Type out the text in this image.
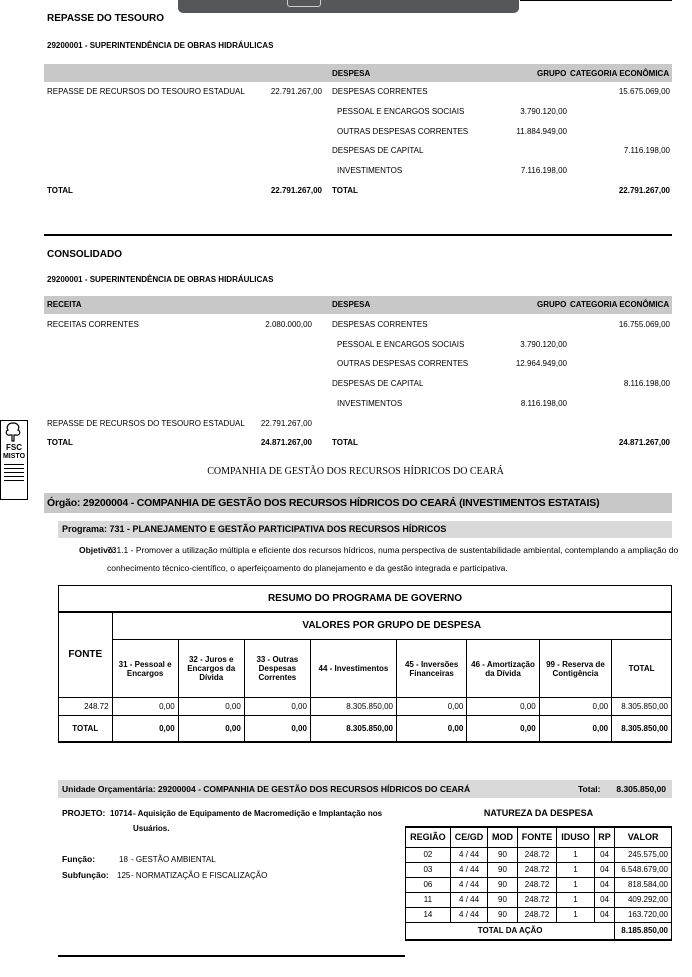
REPASSE DO TESOURO
29200001 - SUPERINTENDÊNCIA DE OBRAS HIDRÁULICAS
DESPESA	GRUPO CATEGORIA ECONÔMICA
REPASSE DE RECURSOS DO TESOURO ESTADUAL	22.791.267,00 DESPESAS CORRENTES	15.675.069,00
PESSOAL E ENCARGOS SOCIAIS	3.790.120,00
OUTRAS DESPESAS CORRENTES	11.884.949,00
DESPESAS DE CAPITAL	7.116.198,00
INVESTIMENTOS	7.116.198,00
TOTAL	22.791.267,00 TOTAL	22.791.267,00
CONSOLIDADO
29200001 - SUPERINTENDÊNCIA DE OBRAS HIDRÁULICAS
RECEITA	DESPESA	GRUPO CATEGORIA ECONÔMICA
RECEITAS CORRENTES	2.080.000,00	DESPESAS CORRENTES	16.755.069,00
PESSOAL E ENCARGOS SOCIAIS	3.790.120,00
OUTRAS DESPESAS CORRENTES	12.964.949,00
DESPESAS DE CAPITAL	8.116.198,00
INVESTIMENTOS	8.116.198,00
REPASSE DE RECURSOS DO TESOURO ESTADUAL	22.791.267,00
TOTAL	24.871.267,00	TOTAL	24.871.267,00
FSC
MISTO
COMPANHIA DE GESTÃO DOS RECURSOS HÍDRICOS DO CEARÁ
Órgão: 29200004 - COMPANHIA DE GESTÃO DOS RECURSOS HÍDRICOS DO CEARÁ (INVESTIMENTOS ESTATAIS)
Programa: 731 - PLANEJAMENTO E GESTÃO PARTICIPATIVA DOS RECURSOS HÍDRICOS
Objetivo:
731.1 - Promover a utilização múltipla e eficiente dos recursos hídricos, numa perspectiva de sustentabilidade ambiental, contemplando a ampliação do
conhecimento técnico-científico, o aperfeiçoamento do planejamento e da gestão integrada e participativa.
RESUMO DO PROGRAMA DE GOVERNO								
FONTE	VALORES POR GRUPO DE DESPESA							
	31 - Pessoal e Encargos	32 - Juros e Encargos da Dívida	33 - Outras Despesas Correntes	44 - Investimentos	45 - Inversões Financeiras	46 - Amortização da Dívida	99 - Reserva de Contigência	TOTAL
248.72	0,00	0,00	0,00	8.305.850,00	0,00	0,00	0,00	8.305.850,00
TOTAL	0,00	0,00	0,00	8.305.850,00	0,00	0,00	0,00	8.305.850,00
Unidade Orçamentária: 29200004 - COMPANHIA DE GESTÃO DOS RECURSOS HÍDRICOS DO CEARÁ	Total:	8.305.850,00
PROJETO: 10714 - Aquisição de Equipamento de Macromedição e Implantação nos
Usuários.
Função:	18 - GESTÃO AMBIENTAL
Subfunção: 125 - NORMATIZAÇÃO E FISCALIZAÇÃO
NATUREZA DA DESPESA
REGIÃO	CE/GD	MOD	FONTE	IDUSO	RP	VALOR
02	4 / 44	90	248.72	1	04	245.575,00
03	4 / 44	90	248.72	1	04	6.548.679,00
06	4 / 44	90	248.72	1	04	818.584,00
11	4 / 44	90	248.72	1	04	409.292,00
14	4 / 44	90	248.72	1	04	163.720,00
TOTAL DA AÇÃO						8.185.850,00
